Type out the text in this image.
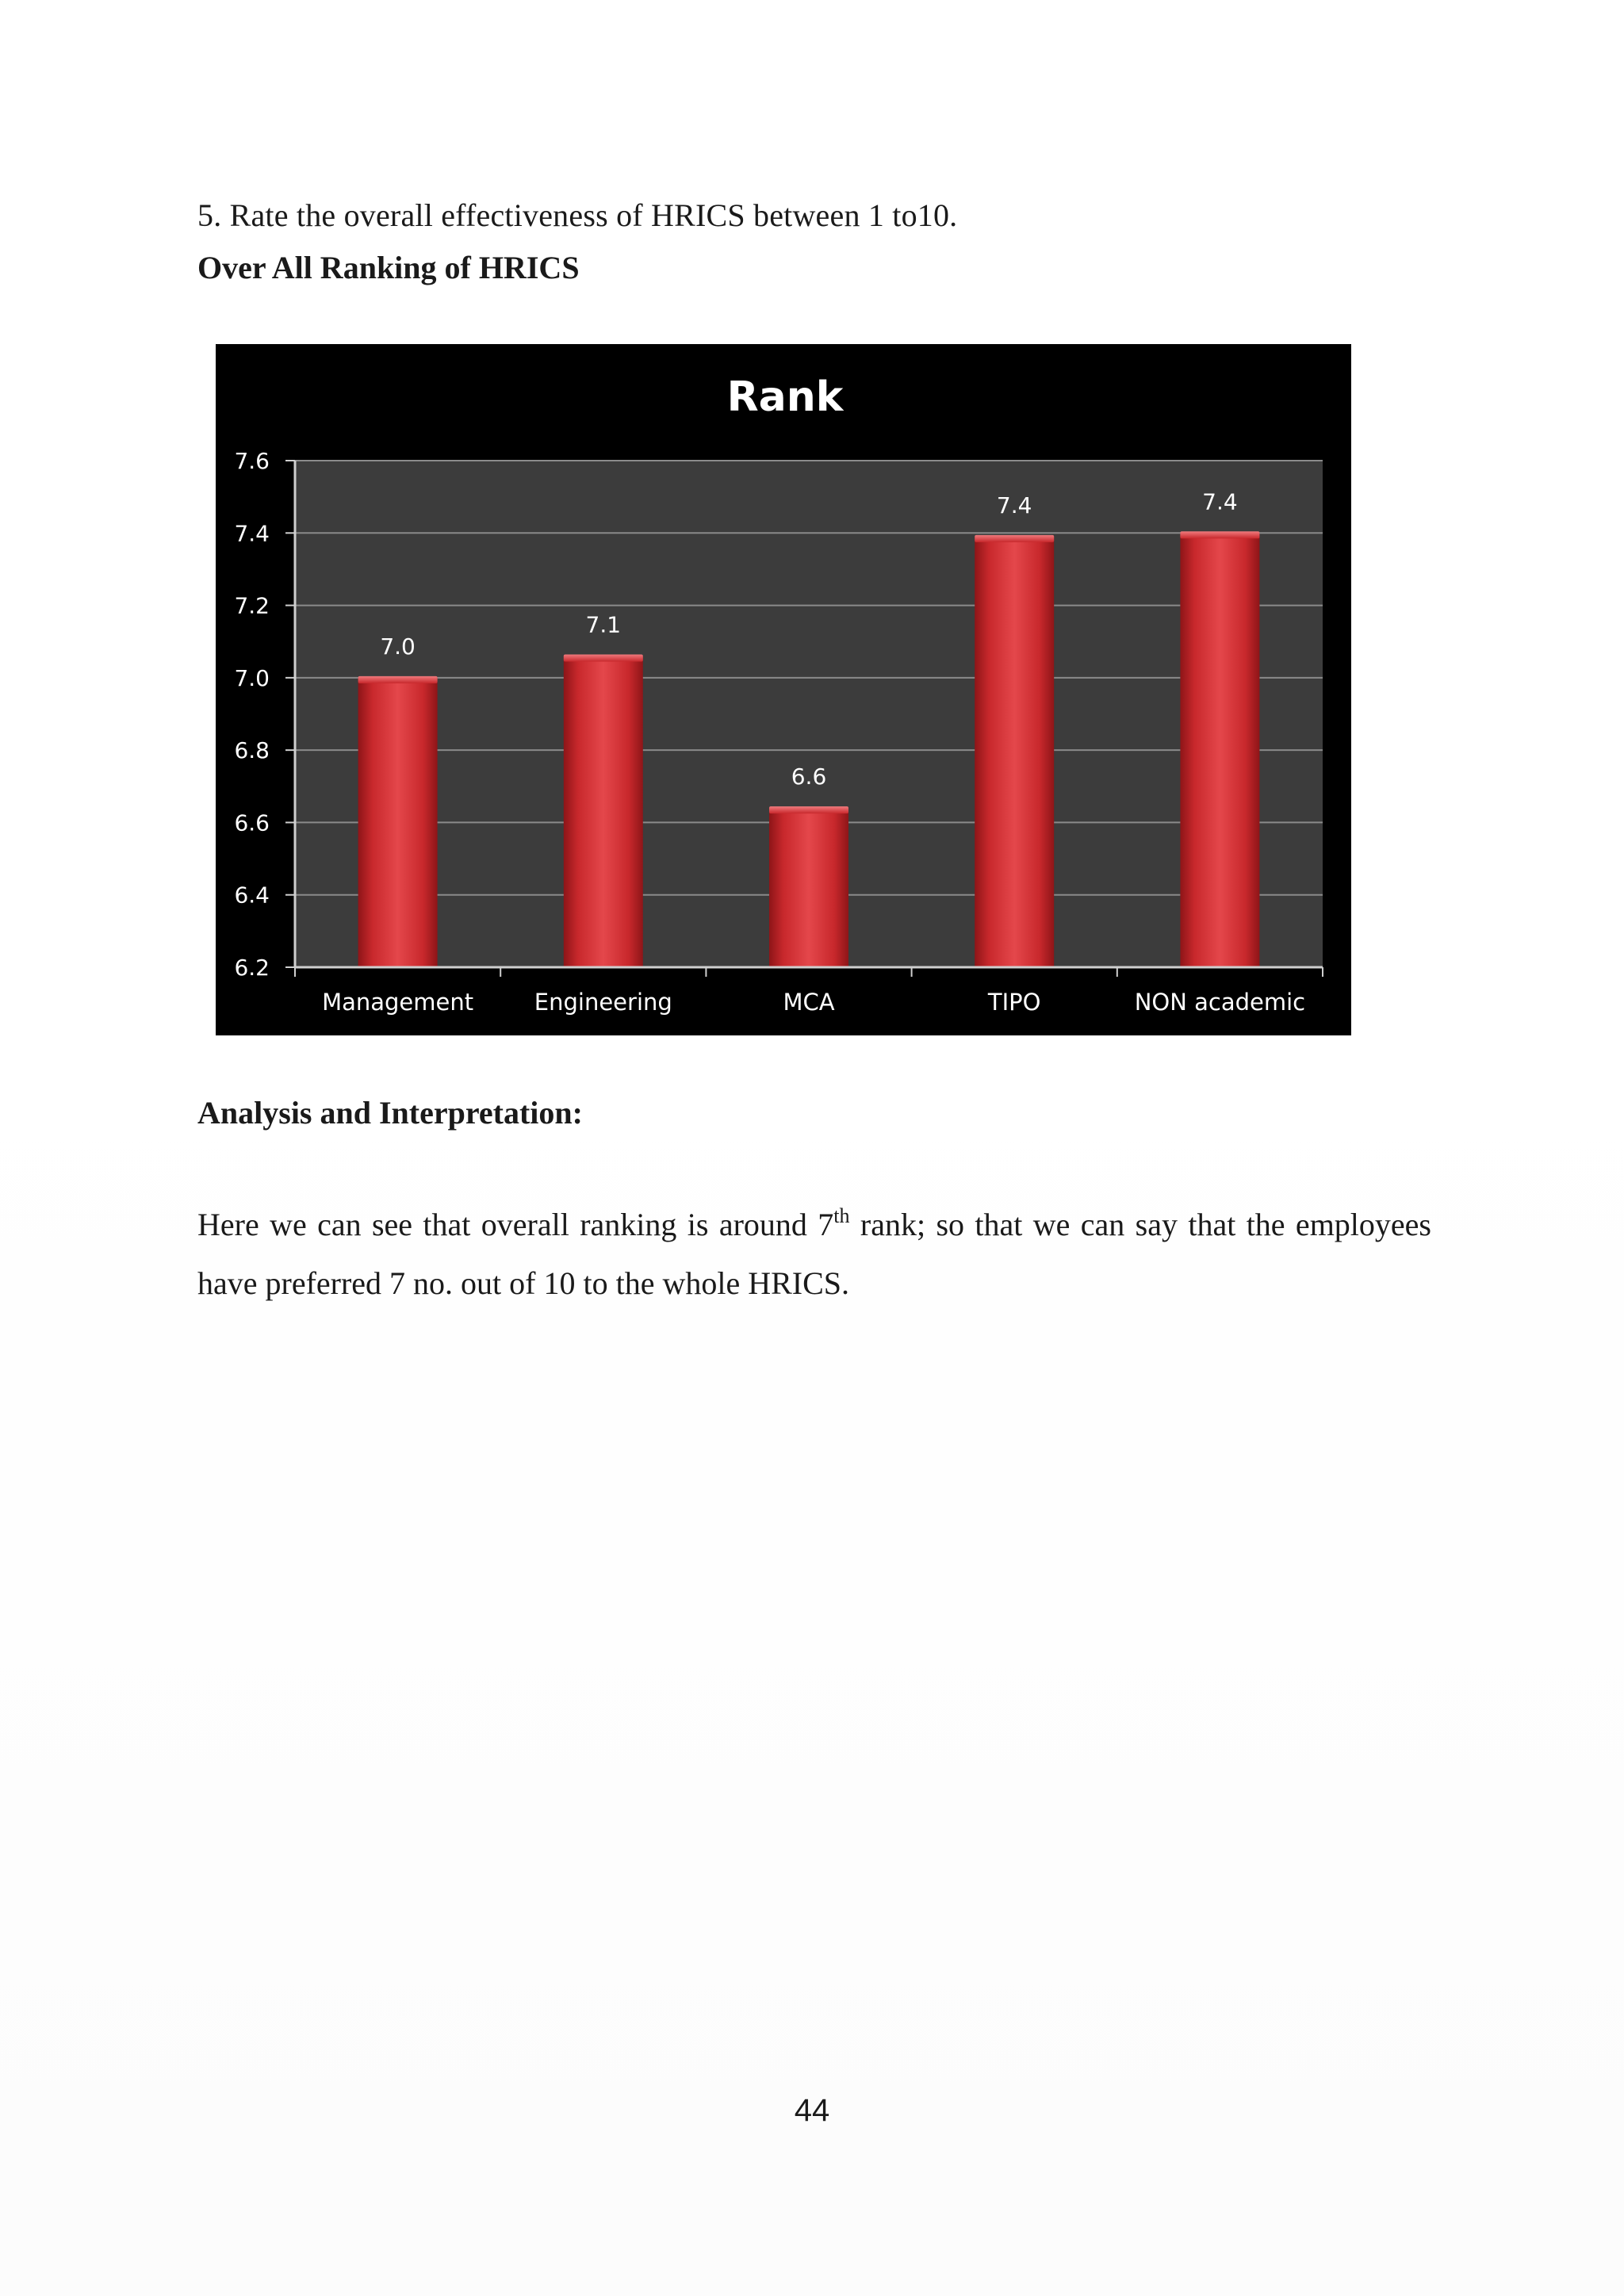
5. Rate the overall effectiveness of HRICS between 1 to10.
Over All Ranking of HRICS
Rank
7.0
7.1
6.6
7.4	7.4
6.2
6.4
6.6
6.8
7.0
7.2
7.4
7.6
Management	Engineering	MCA	TIPO	NON academic
Analysis and Interpretation:
Here we can see that overall ranking is around 7th rank; so that we can say that the employees have preferred 7 no. out of 10 to the whole HRICS.
44
